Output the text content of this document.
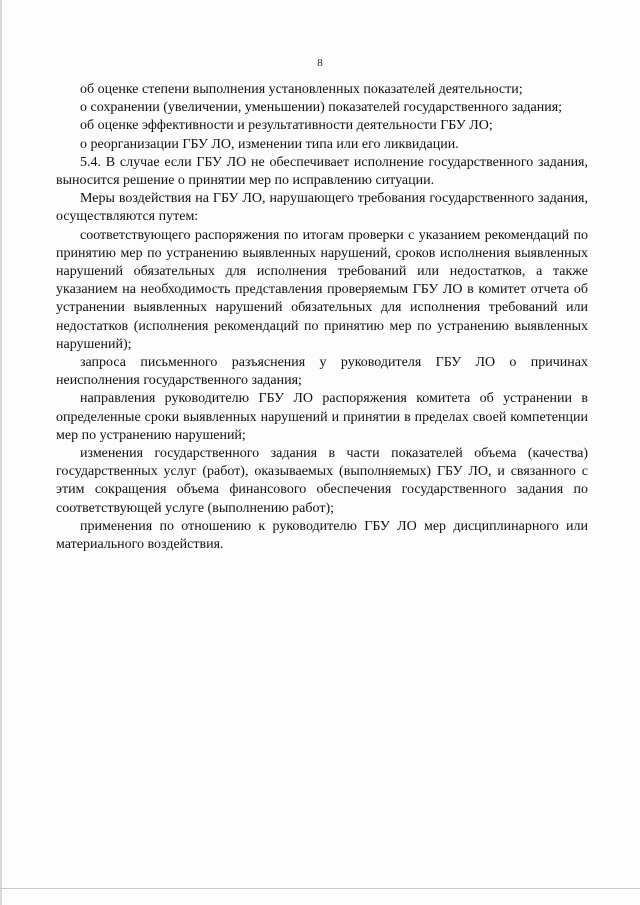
8

об оценке степени выполнения установленных показателей деятельности;

о сохранении (увеличении, уменьшении) показателей государственного задания;

об оценке эффективности и результативности деятельности ГБУ ЛО;

о реорганизации ГБУ ЛО, изменении типа или его ликвидации.

5.4. В случае если ГБУ ЛО не обеспечивает исполнение государственного задания, выносится решение о принятии мер по исправлению ситуации.

Меры воздействия на ГБУ ЛО, нарушающего требования государственного задания, осуществляются путем:

соответствующего распоряжения по итогам проверки с указанием рекомендаций по принятию мер по устранению выявленных нарушений, сроков исполнения выявленных нарушений обязательных для исполнения требований или недостатков, а также указанием на необходимость представления проверяемым ГБУ ЛО в комитет отчета об устранении выявленных нарушений обязательных для исполнения требований или недостатков (исполнения рекомендаций по принятию мер по устранению выявленных нарушений);

запроса письменного разъяснения у руководителя ГБУ ЛО о причинах неисполнения государственного задания;

направления руководителю ГБУ ЛО распоряжения комитета об устранении в определенные сроки выявленных нарушений и принятии в пределах своей компетенции мер по устранению нарушений;

изменения государственного задания в части показателей объема (качества) государственных услуг (работ), оказываемых (выполняемых) ГБУ ЛО, и связанного с этим сокращения объема финансового обеспечения государственного задания по соответствующей услуге (выполнению работ);

применения по отношению к руководителю ГБУ ЛО мер дисциплинарного или материального воздействия.
